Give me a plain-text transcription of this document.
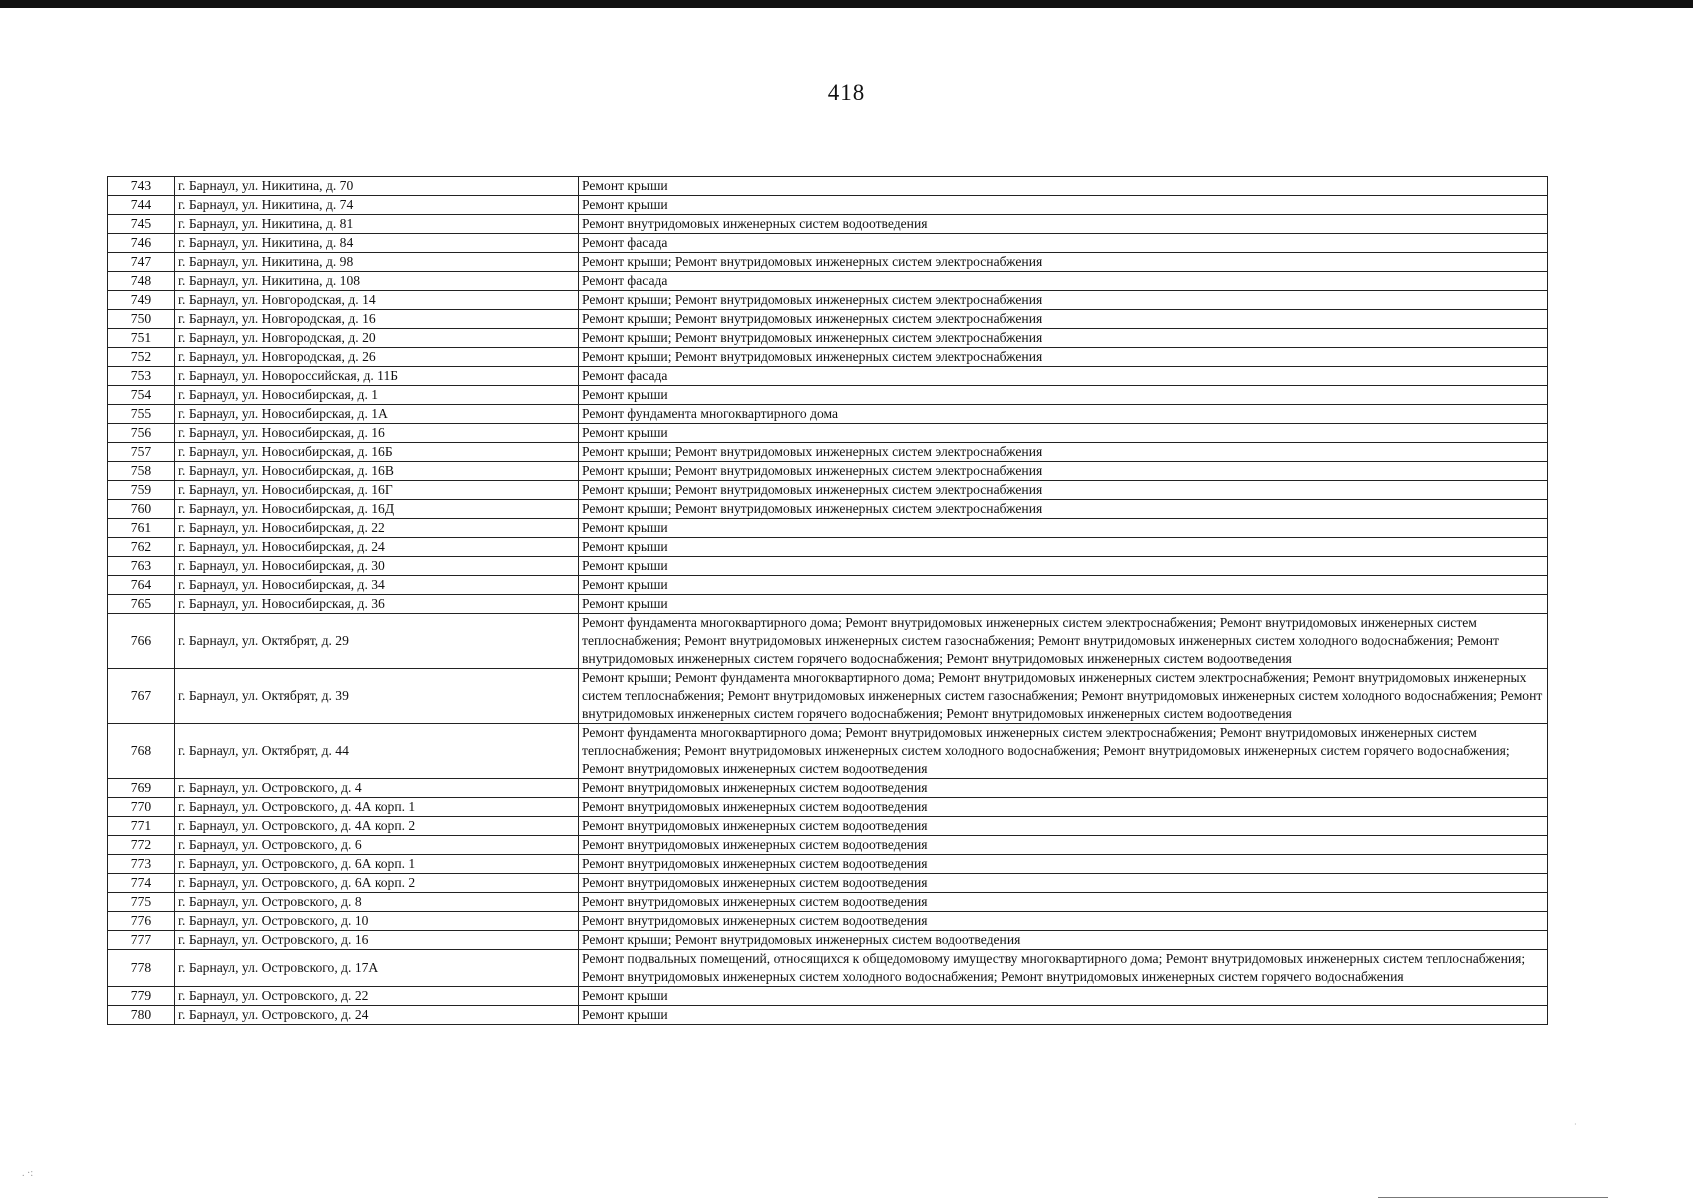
418
743	г. Барнаул, ул. Никитина, д. 70	Ремонт крыши
744	г. Барнаул, ул. Никитина, д. 74	Ремонт крыши
745	г. Барнаул, ул. Никитина, д. 81	Ремонт внутридомовых инженерных систем водоотведения
746	г. Барнаул, ул. Никитина, д. 84	Ремонт фасада
747	г. Барнаул, ул. Никитина, д. 98	Ремонт крыши; Ремонт внутридомовых инженерных систем электроснабжения
748	г. Барнаул, ул. Никитина, д. 108	Ремонт фасада
749	г. Барнаул, ул. Новгородская, д. 14	Ремонт крыши; Ремонт внутридомовых инженерных систем электроснабжения
750	г. Барнаул, ул. Новгородская, д. 16	Ремонт крыши; Ремонт внутридомовых инженерных систем электроснабжения
751	г. Барнаул, ул. Новгородская, д. 20	Ремонт крыши; Ремонт внутридомовых инженерных систем электроснабжения
752	г. Барнаул, ул. Новгородская, д. 26	Ремонт крыши; Ремонт внутридомовых инженерных систем электроснабжения
753	г. Барнаул, ул. Новороссийская, д. 11Б	Ремонт фасада
754	г. Барнаул, ул. Новосибирская, д. 1	Ремонт крыши
755	г. Барнаул, ул. Новосибирская, д. 1А	Ремонт фундамента многоквартирного дома
756	г. Барнаул, ул. Новосибирская, д. 16	Ремонт крыши
757	г. Барнаул, ул. Новосибирская, д. 16Б	Ремонт крыши; Ремонт внутридомовых инженерных систем электроснабжения
758	г. Барнаул, ул. Новосибирская, д. 16В	Ремонт крыши; Ремонт внутридомовых инженерных систем электроснабжения
759	г. Барнаул, ул. Новосибирская, д. 16Г	Ремонт крыши; Ремонт внутридомовых инженерных систем электроснабжения
760	г. Барнаул, ул. Новосибирская, д. 16Д	Ремонт крыши; Ремонт внутридомовых инженерных систем электроснабжения
761	г. Барнаул, ул. Новосибирская, д. 22	Ремонт крыши
762	г. Барнаул, ул. Новосибирская, д. 24	Ремонт крыши
763	г. Барнаул, ул. Новосибирская, д. 30	Ремонт крыши
764	г. Барнаул, ул. Новосибирская, д. 34	Ремонт крыши
765	г. Барнаул, ул. Новосибирская, д. 36	Ремонт крыши
766	г. Барнаул, ул. Октябрят, д. 29	Ремонт фундамента многоквартирного дома; Ремонт внутридомовых инженерных систем электроснабжения; Ремонт внутридомовых инженерных систем теплоснабжения; Ремонт внутридомовых инженерных систем газоснабжения; Ремонт внутридомовых инженерных систем холодного водоснабжения; Ремонт внутридомовых инженерных систем горячего водоснабжения; Ремонт внутридомовых инженерных систем водоотведения
767	г. Барнаул, ул. Октябрят, д. 39	Ремонт крыши; Ремонт фундамента многоквартирного дома; Ремонт внутридомовых инженерных систем электроснабжения; Ремонт внутридомовых инженерных систем теплоснабжения; Ремонт внутридомовых инженерных систем газоснабжения; Ремонт внутридомовых инженерных систем холодного водоснабжения; Ремонт внутридомовых инженерных систем горячего водоснабжения; Ремонт внутридомовых инженерных систем водоотведения
768	г. Барнаул, ул. Октябрят, д. 44	Ремонт фундамента многоквартирного дома; Ремонт внутридомовых инженерных систем электроснабжения; Ремонт внутридомовых инженерных систем теплоснабжения; Ремонт внутридомовых инженерных систем холодного водоснабжения; Ремонт внутридомовых инженерных систем горячего водоснабжения; Ремонт внутридомовых инженерных систем водоотведения
769	г. Барнаул, ул. Островского, д. 4	Ремонт внутридомовых инженерных систем водоотведения
770	г. Барнаул, ул. Островского, д. 4А корп. 1	Ремонт внутридомовых инженерных систем водоотведения
771	г. Барнаул, ул. Островского, д. 4А корп. 2	Ремонт внутридомовых инженерных систем водоотведения
772	г. Барнаул, ул. Островского, д. 6	Ремонт внутридомовых инженерных систем водоотведения
773	г. Барнаул, ул. Островского, д. 6А корп. 1	Ремонт внутридомовых инженерных систем водоотведения
774	г. Барнаул, ул. Островского, д. 6А корп. 2	Ремонт внутридомовых инженерных систем водоотведения
775	г. Барнаул, ул. Островского, д. 8	Ремонт внутридомовых инженерных систем водоотведения
776	г. Барнаул, ул. Островского, д. 10	Ремонт внутридомовых инженерных систем водоотведения
777	г. Барнаул, ул. Островского, д. 16	Ремонт крыши; Ремонт внутридомовых инженерных систем водоотведения
778	г. Барнаул, ул. Островского, д. 17А	Ремонт подвальных помещений, относящихся к общедомовому имуществу многоквартирного дома; Ремонт внутридомовых инженерных систем теплоснабжения; Ремонт внутридомовых инженерных систем холодного водоснабжения; Ремонт внутридомовых инженерных систем горячего водоснабжения
779	г. Барнаул, ул. Островского, д. 22	Ремонт крыши
780	г. Барнаул, ул. Островского, д. 24	Ремонт крыши
. ·:
·
